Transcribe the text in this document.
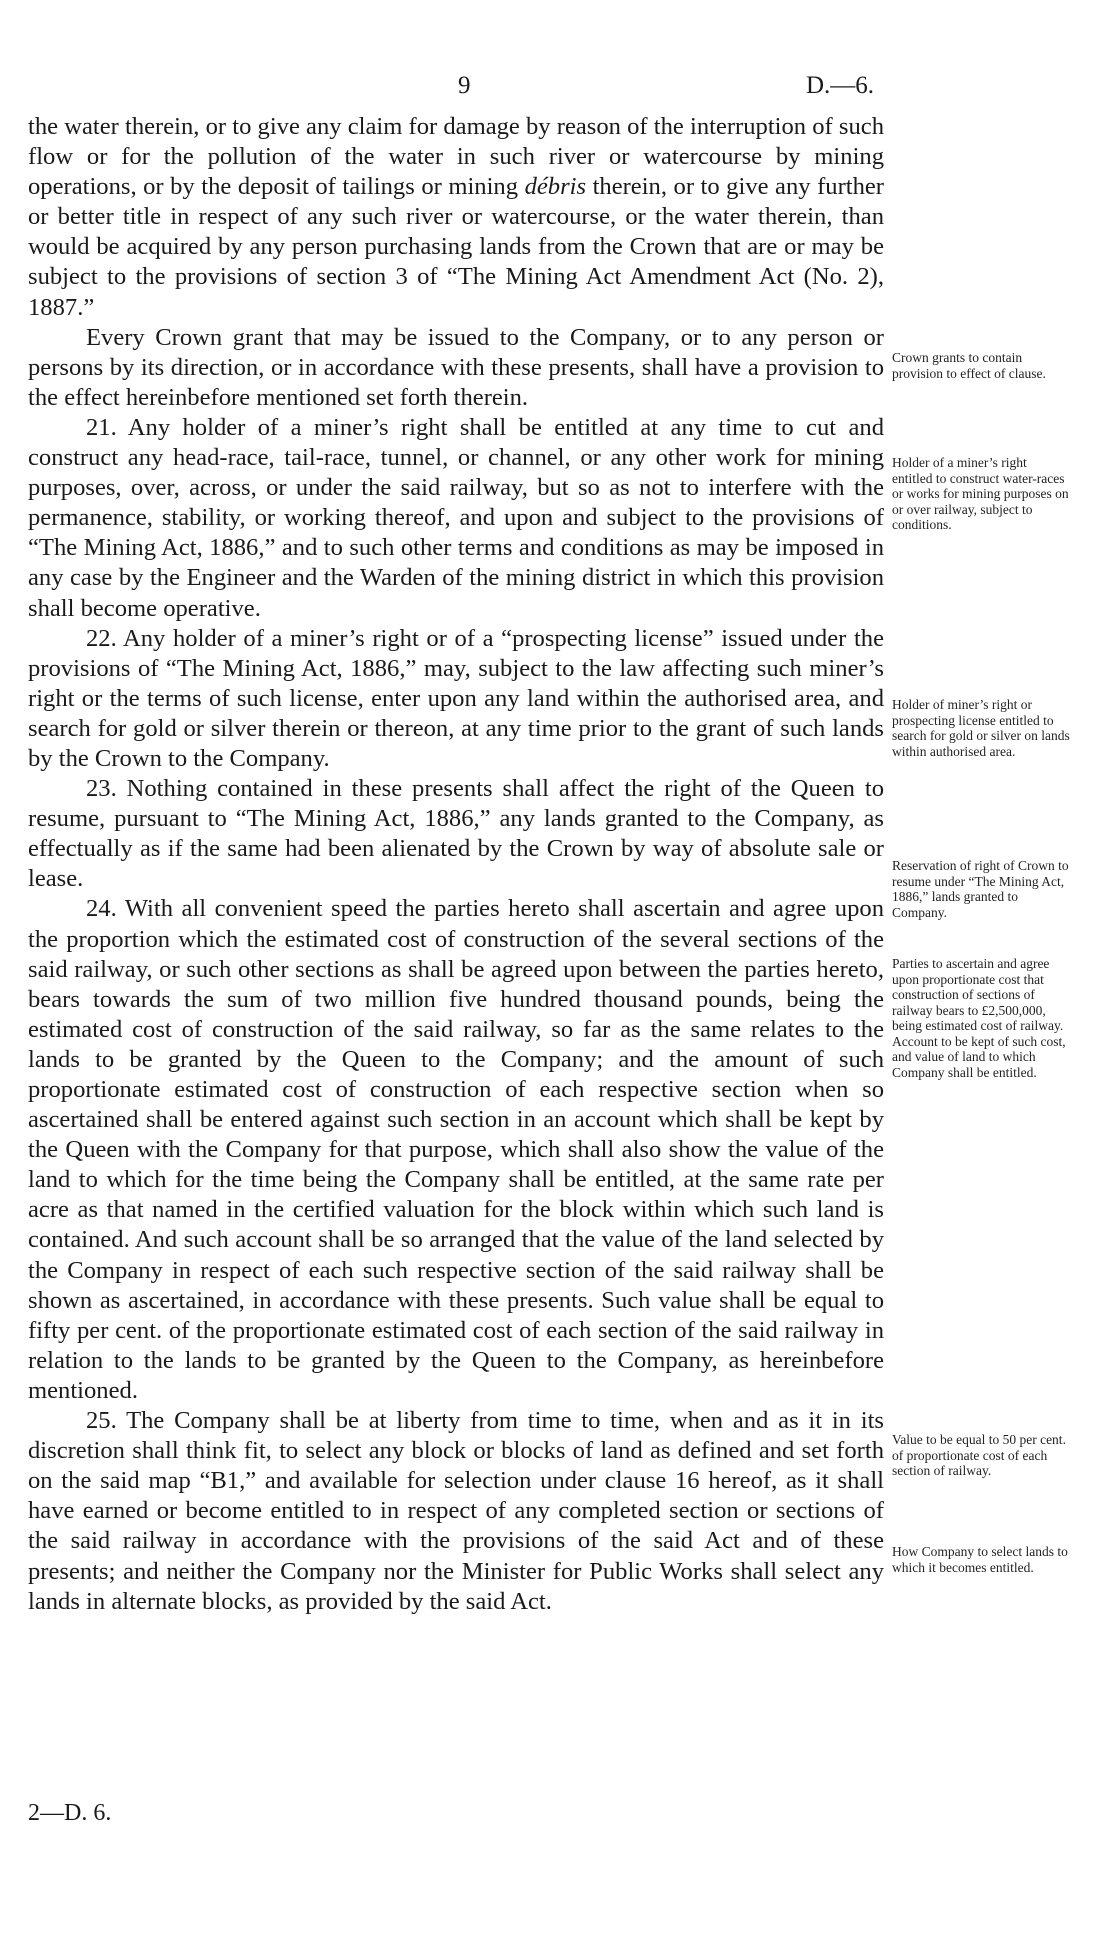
9	D.—6.

the water therein, or to give any claim for damage by reason of the interruption of such flow or for the pollution of the water in such river or watercourse by mining operations, or by the deposit of tailings or mining débris therein, or to give any further or better title in respect of any such river or watercourse, or the water therein, than would be acquired by any person purchasing lands from the Crown that are or may be subject to the provisions of section 3 of “The Mining Act Amendment Act (No. 2), 1887.”

Every Crown grant that may be issued to the Company, or to any person or persons by its direction, or in accordance with these presents, shall have a provision to the effect hereinbefore mentioned set forth therein.

21. Any holder of a miner’s right shall be entitled at any time to cut and construct any head-race, tail-race, tunnel, or channel, or any other work for mining purposes, over, across, or under the said railway, but so as not to interfere with the permanence, stability, or working thereof, and upon and subject to the provisions of “The Mining Act, 1886,” and to such other terms and conditions as may be imposed in any case by the Engineer and the Warden of the mining district in which this provision shall become operative.

22. Any holder of a miner’s right or of a “prospecting license” issued under the provisions of “The Mining Act, 1886,” may, subject to the law affecting such miner’s right or the terms of such license, enter upon any land within the authorised area, and search for gold or silver therein or thereon, at any time prior to the grant of such lands by the Crown to the Company.

23. Nothing contained in these presents shall affect the right of the Queen to resume, pursuant to “The Mining Act, 1886,” any lands granted to the Company, as effectually as if the same had been alienated by the Crown by way of absolute sale or lease.

24. With all convenient speed the parties hereto shall ascertain and agree upon the proportion which the estimated cost of construction of the several sections of the said railway, or such other sections as shall be agreed upon between the parties hereto, bears towards the sum of two million five hundred thousand pounds, being the estimated cost of construction of the said railway, so far as the same relates to the lands to be granted by the Queen to the Company; and the amount of such proportionate estimated cost of construction of each respective section when so ascertained shall be entered against such section in an account which shall be kept by the Queen with the Company for that purpose, which shall also show the value of the land to which for the time being the Company shall be entitled, at the same rate per acre as that named in the certified valuation for the block within which such land is contained. And such account shall be so arranged that the value of the land selected by the Company in respect of each such respective section of the said railway shall be shown as ascertained, in accordance with these presents. Such value shall be equal to fifty per cent. of the proportionate estimated cost of each section of the said railway in relation to the lands to be granted by the Queen to the Company, as hereinbefore mentioned.

25. The Company shall be at liberty from time to time, when and as it in its discretion shall think fit, to select any block or blocks of land as defined and set forth on the said map “B1,” and available for selection under clause 16 hereof, as it shall have earned or become entitled to in respect of any completed section or sections of the said railway in accordance with the provisions of the said Act and of these presents; and neither the Company nor the Minister for Public Works shall select any lands in alternate blocks, as provided by the said Act.

Crown grants to contain provision to effect of clause.
Holder of a miner’s right entitled to construct water-races or works for mining purposes on or over railway, subject to conditions.
Holder of miner’s right or prospecting license entitled to search for gold or silver on lands within authorised area.
Reservation of right of Crown to resume under “The Mining Act, 1886,” lands granted to Company.
Parties to ascertain and agree upon proportionate cost that construction of sections of railway bears to £2,500,000, being estimated cost of railway. Account to be kept of such cost, and value of land to which Company shall be entitled.
Value to be equal to 50 per cent. of proportionate cost of each section of railway.
How Company to select lands to which it becomes entitled.
2—D. 6.
